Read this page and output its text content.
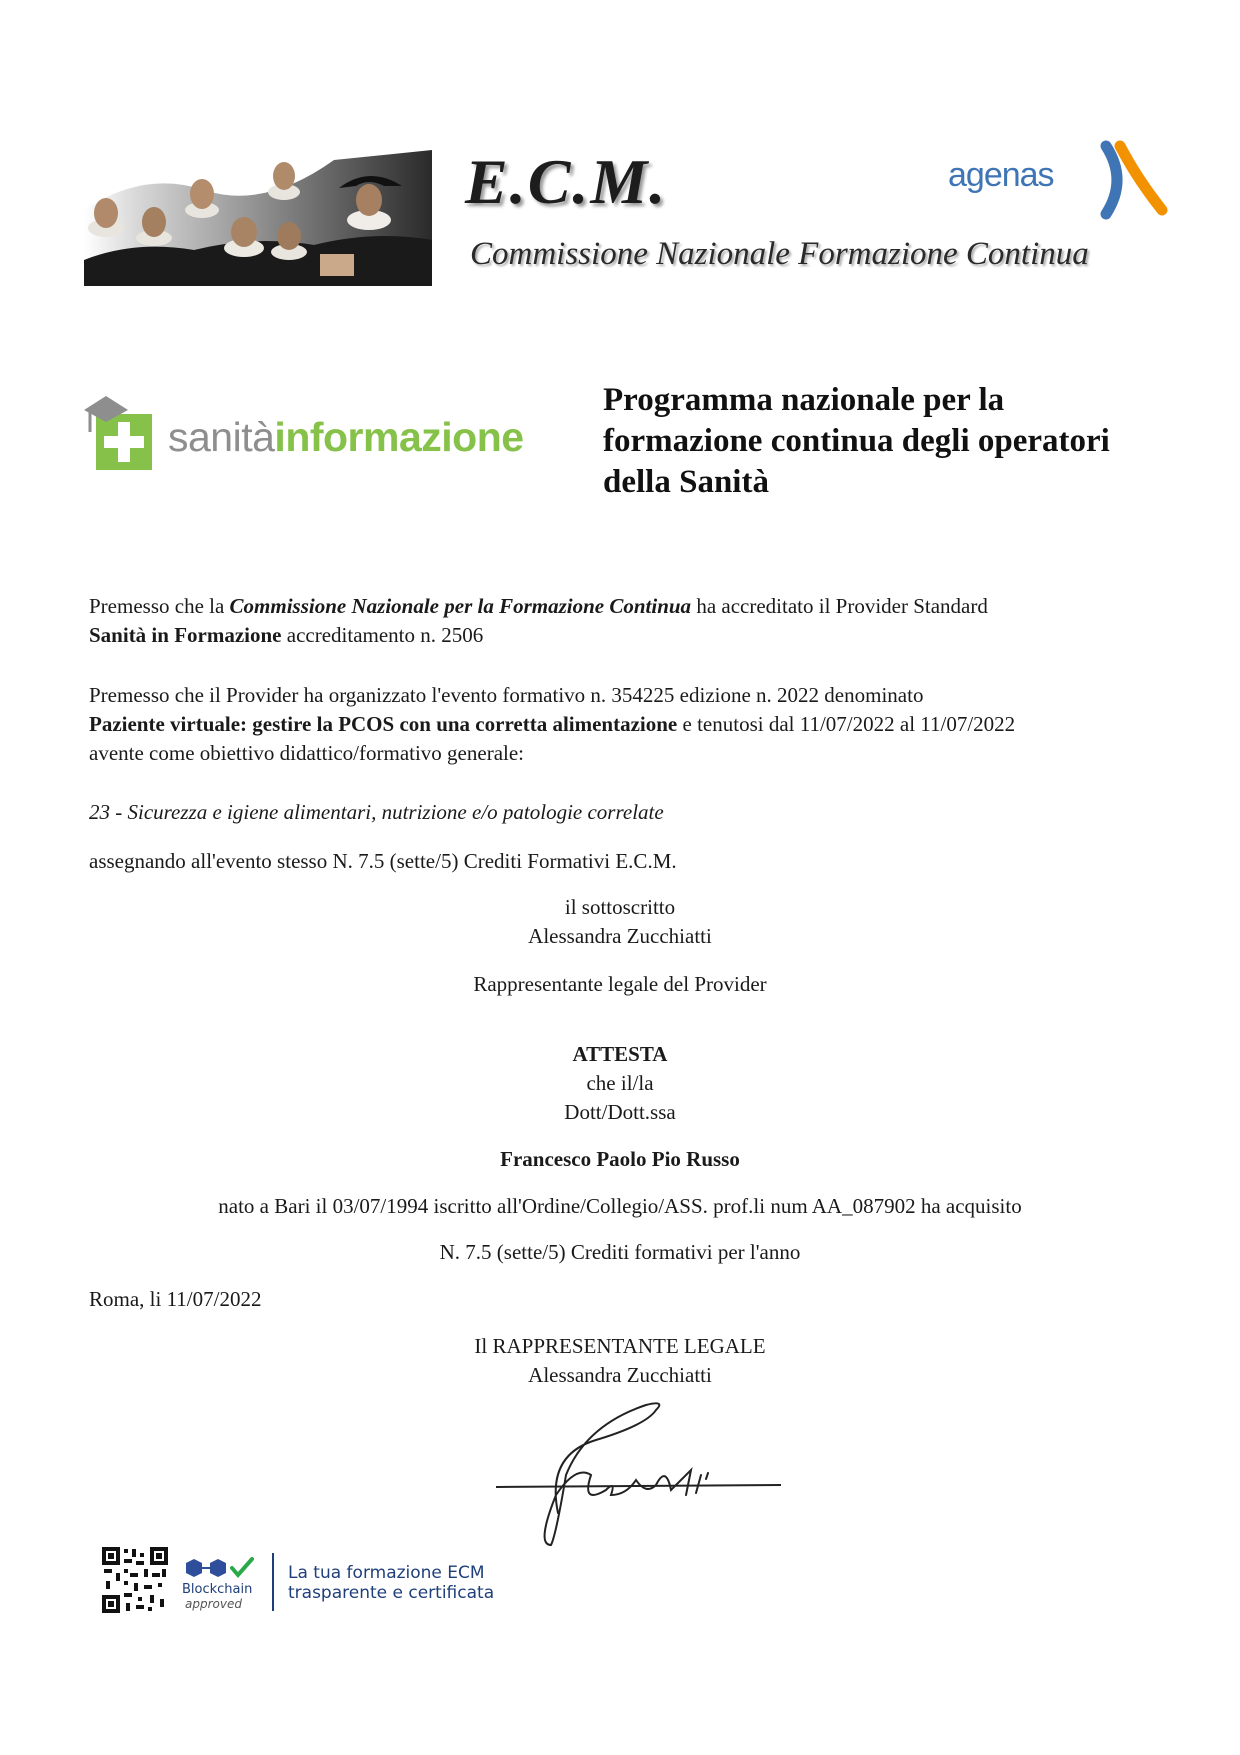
E.C.M.
Commissione Nazionale Formazione Continua
agenas
sanitàinformazione
Programma nazionale per la
formazione continua degli operatori
della Sanità
Premesso che la Commissione Nazionale per la Formazione Continua ha accreditato il Provider Standard
Sanità in Formazione accreditamento n. 2506
Premesso che il Provider ha organizzato l'evento formativo n. 354225 edizione n. 2022 denominato
Paziente virtuale: gestire la PCOS con una corretta alimentazione e tenutosi dal 11/07/2022 al 11/07/2022
avente come obiettivo didattico/formativo generale:
23 - Sicurezza e igiene alimentari, nutrizione e/o patologie correlate
assegnando all'evento stesso N. 7.5 (sette/5) Crediti Formativi E.C.M.
il sottoscritto
Alessandra Zucchiatti
Rappresentante legale del Provider
ATTESTA
che il/la
Dott/Dott.ssa
Francesco Paolo Pio Russo
nato a Bari il 03/07/1994 iscritto all'Ordine/Collegio/ASS. prof.li num AA_087902 ha acquisito
N. 7.5 (sette/5) Crediti formativi per l'anno
Roma, li 11/07/2022
Il RAPPRESENTANTE LEGALE
Alessandra Zucchiatti
Blockchain
approved
La tua formazione ECM
trasparente e certificata
